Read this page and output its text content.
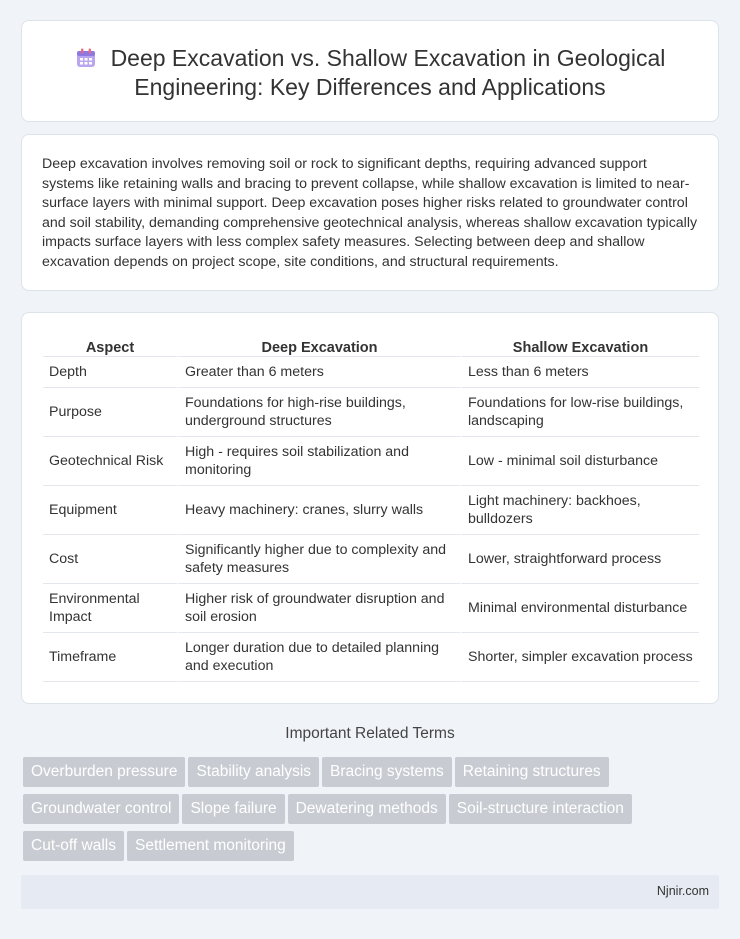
Deep Excavation vs. Shallow Excavation in Geological
Engineering: Key Differences and Applications

Deep excavation involves removing soil or rock to significant depths, requiring advanced support systems like retaining walls and bracing to prevent collapse, while shallow excavation is limited to near-surface layers with minimal support. Deep excavation poses higher risks related to groundwater control and soil stability, demanding comprehensive geotechnical analysis, whereas shallow excavation typically impacts surface layers with less complex safety measures. Selecting between deep and shallow excavation depends on project scope, site conditions, and structural requirements.

Aspect	Deep Excavation	Shallow Excavation
Depth	Greater than 6 meters	Less than 6 meters
Purpose	Foundations for high-rise buildings, underground structures	Foundations for low-rise buildings, landscaping
Geotechnical Risk	High - requires soil stabilization and monitoring	Low - minimal soil disturbance
Equipment	Heavy machinery: cranes, slurry walls	Light machinery: backhoes, bulldozers
Cost	Significantly higher due to complexity and safety measures	Lower, straightforward process
Environmental Impact	Higher risk of groundwater disruption and soil erosion	Minimal environmental disturbance
Timeframe	Longer duration due to detailed planning and execution	Shorter, simpler excavation process
Important Related Terms
Overburden pressure Stability analysis Bracing systems Retaining structures
Groundwater control Slope failure Dewatering methods Soil-structure interaction
Cut-off walls Settlement monitoring
Njnir.com
